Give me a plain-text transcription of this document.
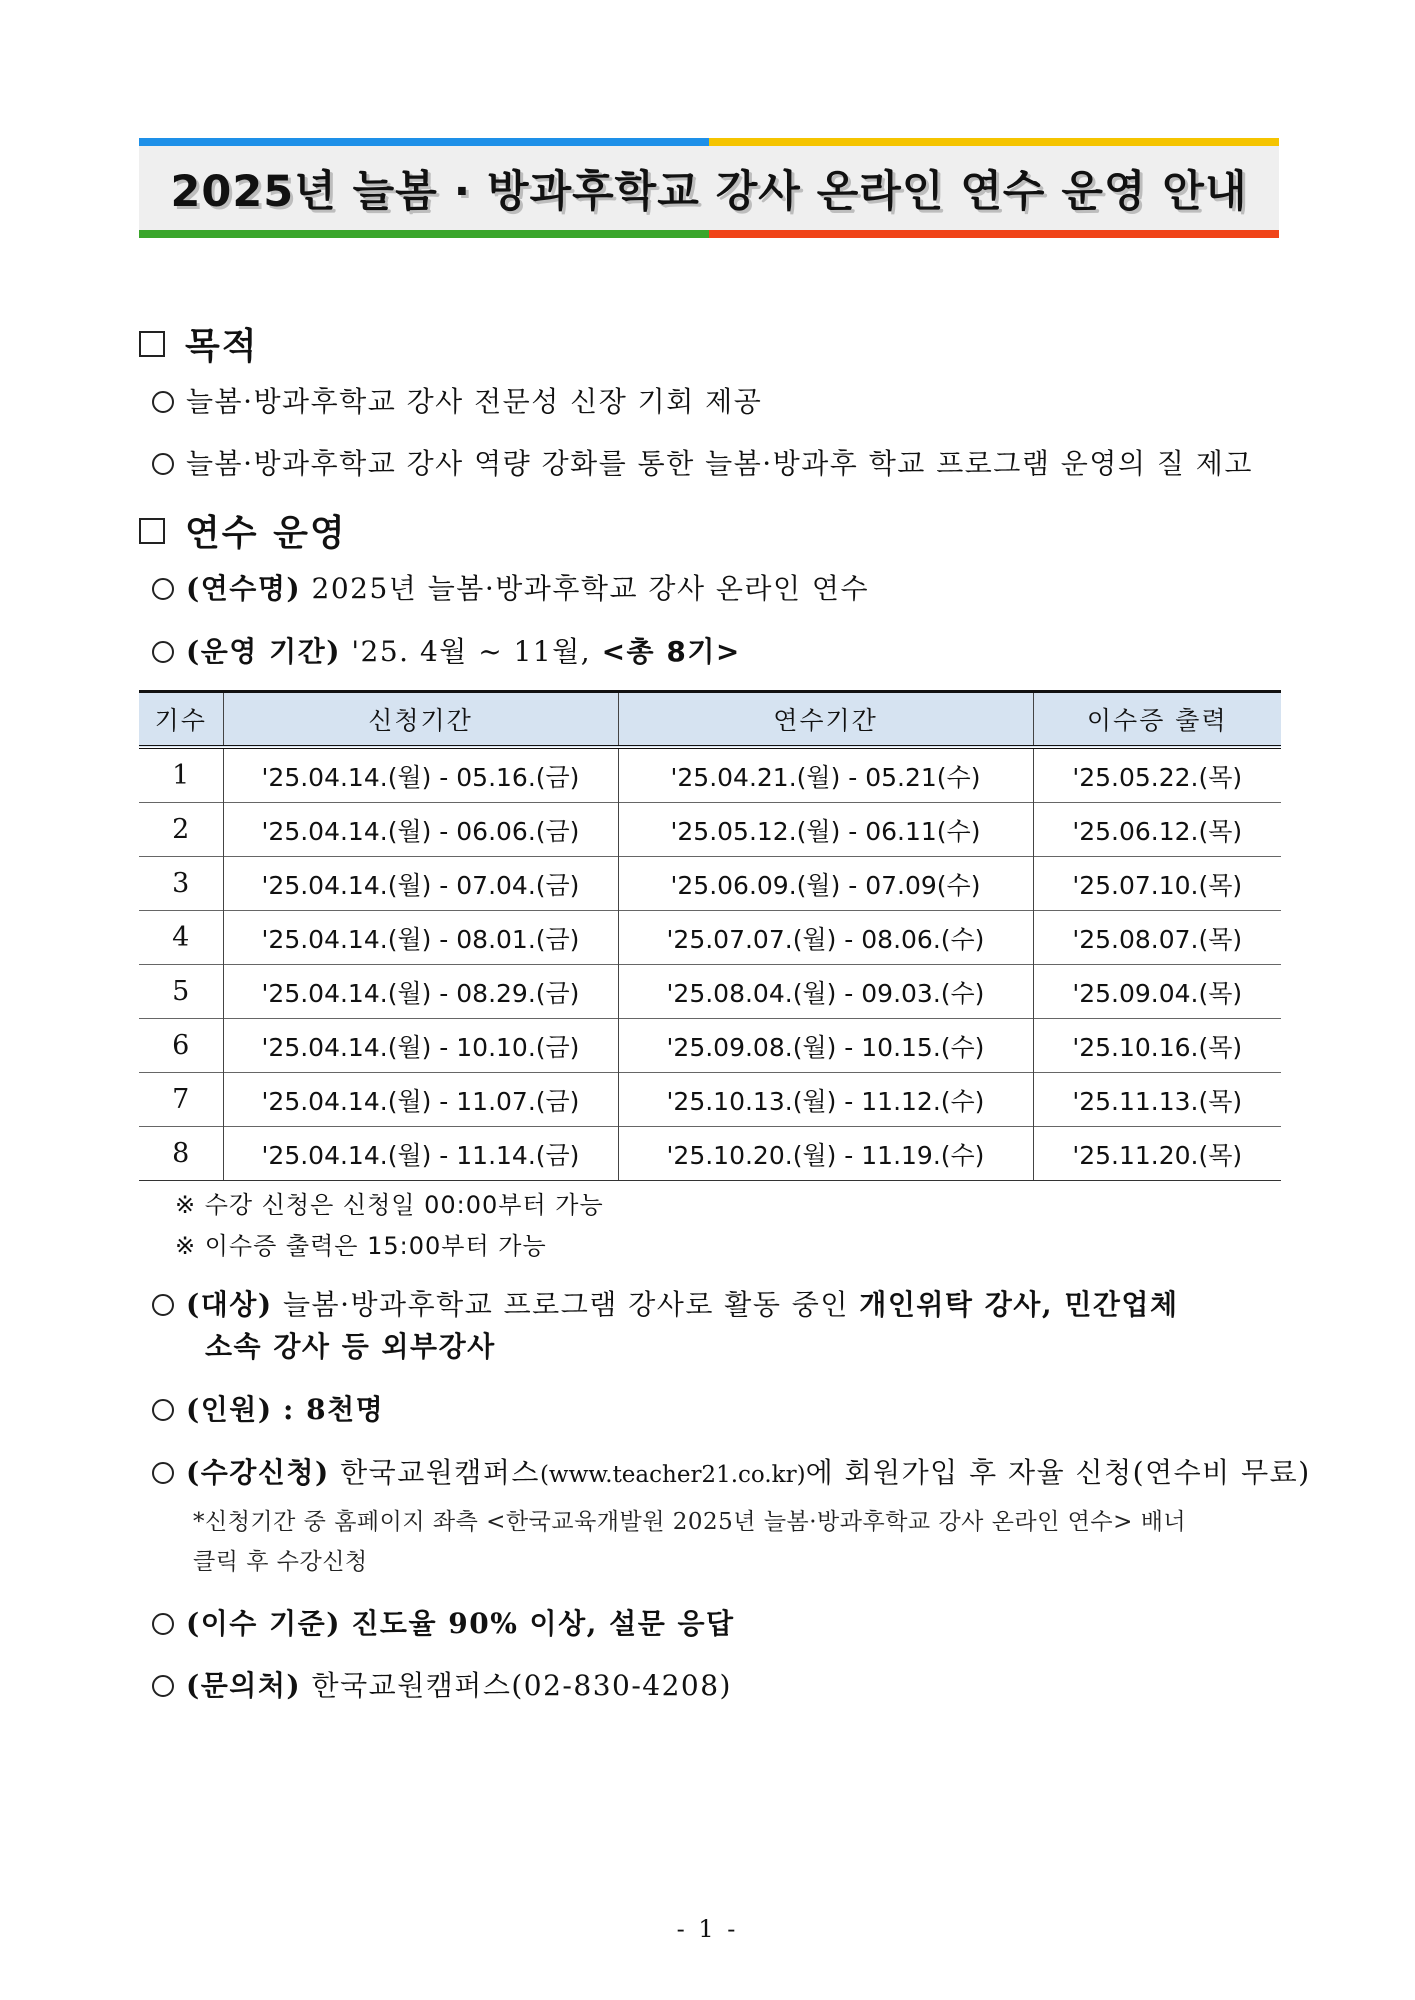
2025년 늘봄 · 방과후학교 강사 온라인 연수 운영 안내
목적
늘봄·방과후학교 강사 전문성 신장 기회 제공
늘봄·방과후학교 강사 역량 강화를 통한 늘봄·방과후 학교 프로그램 운영의 질 제고
연수 운영
(연수명) 2025년 늘봄·방과후학교 강사 온라인 연수
(운영 기간) '25. 4월 ~ 11월, <총 8기>
기수	신청기간	연수기간	이수증 출력
1	'25.04.14.(월) - 05.16.(금)	'25.04.21.(월) - 05.21(수)	'25.05.22.(목)
2	'25.04.14.(월) - 06.06.(금)	'25.05.12.(월) - 06.11(수)	'25.06.12.(목)
3	'25.04.14.(월) - 07.04.(금)	'25.06.09.(월) - 07.09(수)	'25.07.10.(목)
4	'25.04.14.(월) - 08.01.(금)	'25.07.07.(월) - 08.06.(수)	'25.08.07.(목)
5	'25.04.14.(월) - 08.29.(금)	'25.08.04.(월) - 09.03.(수)	'25.09.04.(목)
6	'25.04.14.(월) - 10.10.(금)	'25.09.08.(월) - 10.15.(수)	'25.10.16.(목)
7	'25.04.14.(월) - 11.07.(금)	'25.10.13.(월) - 11.12.(수)	'25.11.13.(목)
8	'25.04.14.(월) - 11.14.(금)	'25.10.20.(월) - 11.19.(수)	'25.11.20.(목)
※ 수강 신청은 신청일 00:00부터 가능
※ 이수증 출력은 15:00부터 가능
(대상) 늘봄·방과후학교 프로그램 강사로 활동 중인 개인위탁 강사, 민간업체
소속 강사 등 외부강사
(인원) : 8천명
(수강신청) 한국교원캠퍼스(www.teacher21.co.kr)에 회원가입 후 자율 신청(연수비 무료)
*신청기간 중 홈페이지 좌측 <한국교육개발원 2025년 늘봄·방과후학교 강사 온라인 연수> 배너
클릭 후 수강신청
(이수 기준) 진도율 90% 이상, 설문 응답
(문의처) 한국교원캠퍼스(02-830-4208)
- 1 -
